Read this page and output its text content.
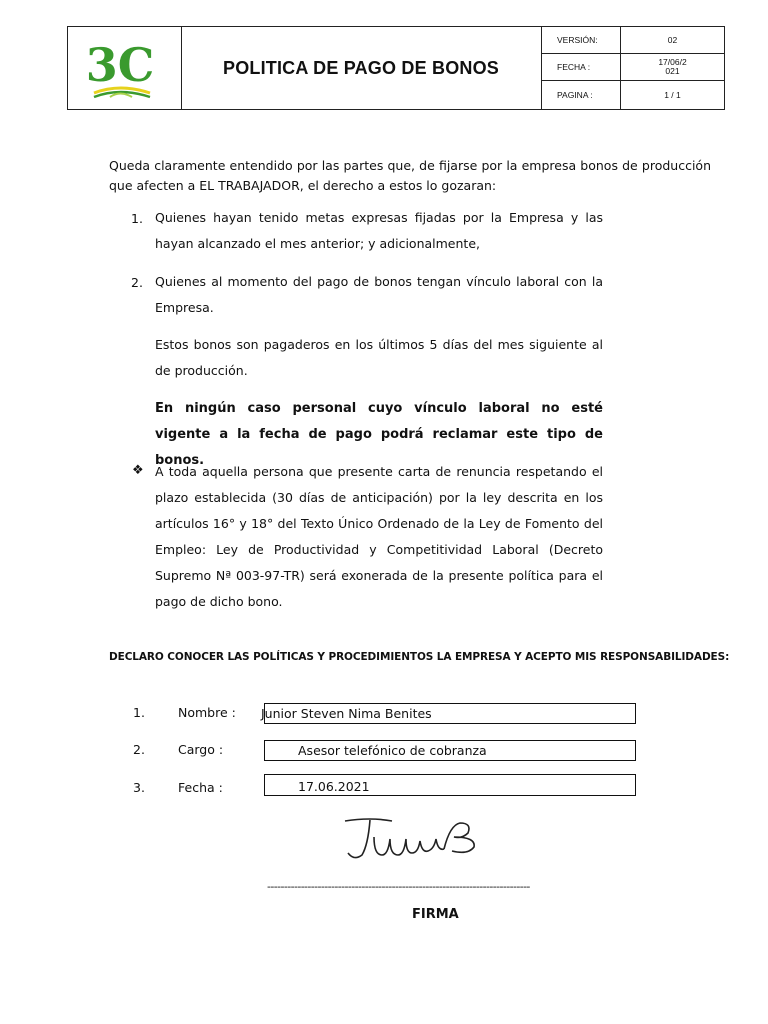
3C	POLITICA DE PAGO DE BONOS
VERSIÓN:	02
FECHA :	17/06/2
021
PAGINA :	1 / 1
Queda claramente entendido por las partes que, de fijarse por la empresa bonos de producción que afecten a EL TRABAJADOR, el derecho a estos lo gozaran:
1. Quienes hayan tenido metas expresas fijadas por la Empresa y las hayan alcanzado el mes anterior; y adicionalmente,
2. Quienes al momento del pago de bonos tengan vínculo laboral con la Empresa.
Estos bonos son pagaderos en los últimos 5 días del mes siguiente al de producción.
En ningún caso personal cuyo vínculo laboral no esté vigente a la fecha de pago podrá reclamar este tipo de bonos.
❖ A toda aquella persona que presente carta de renuncia respetando el plazo establecida (30 días de anticipación) por la ley descrita en los artículos 16° y 18° del Texto Único Ordenado de la Ley de Fomento del Empleo: Ley de Productividad y Competitividad Laboral (Decreto Supremo Nª 003-97-TR) será exonerada de la presente política para el pago de dicho bono.
DECLARO CONOCER LAS POLÍTICAS Y PROCEDIMIENTOS LA EMPRESA Y ACEPTO MIS RESPONSABILIDADES:
1.	Nombre : Junior Steven Nima Benites
2.	Cargo :	Asesor telefónico de cobranza
3.	Fecha :	17.06.2021
------------------------------------------------------------------------------
FIRMA
